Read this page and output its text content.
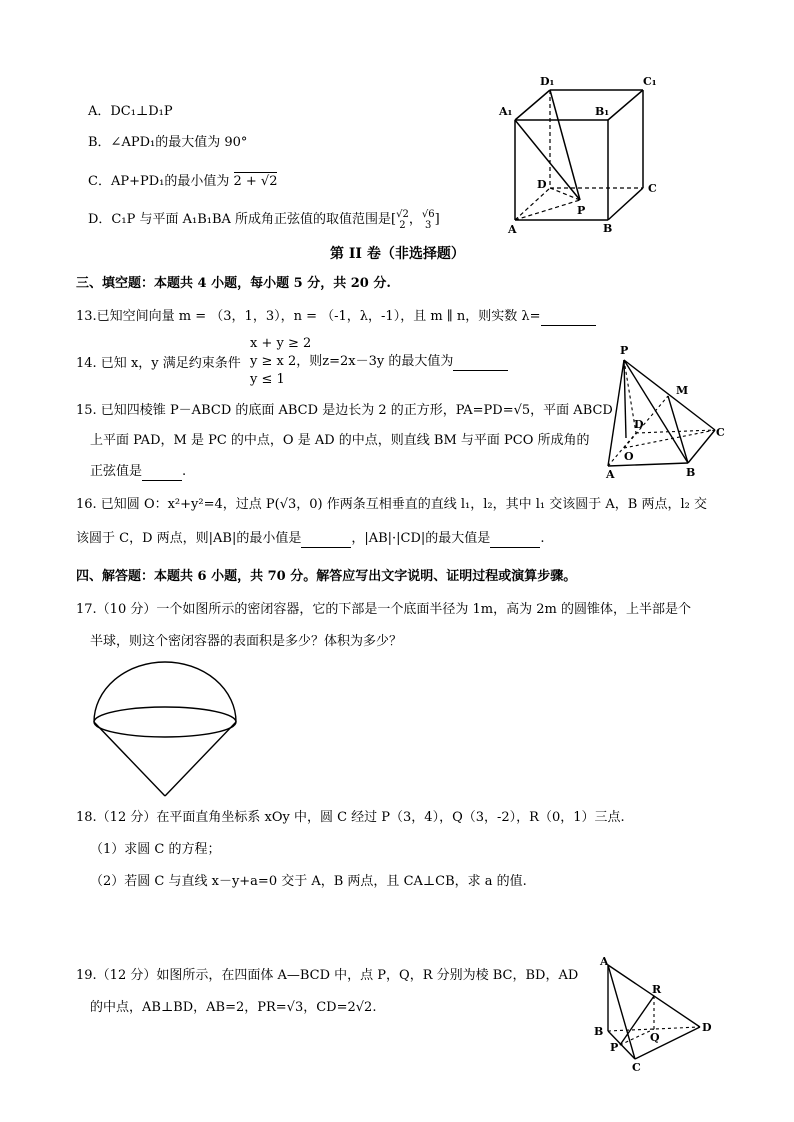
A．DC₁⊥D₁P
B．∠APD₁的最大值为 90°
C．AP+PD₁的最小值为 2 + √2
D．C₁P 与平面 A₁B₁BA 所成角正弦值的取值范围是[√2
2 ，√6
3 ]
D₁	C₁
A₁	B₁
D	C
A	B
P
第 II 卷（非选择题）
三、填空题：本题共 4 小题，每小题 5 分，共 20 分.
13.已知空间向量 m = （3，1，3），n = （-1，λ，-1），且 m ∥ n，则实数 λ=
14. 已知 x，y 满足约束条件
x + y ≥ 2
y ≥ x 2，则z=2x－3y 的最大值为
y ≤ 1
15. 已知四棱锥 P－ABCD 的底面 ABCD 是边长为 2 的正方形，PA=PD=√5，平面 ABCD
上平面 PAD，M 是 PC 的中点，O 是 AD 的中点，则直线 BM 与平面 PCO 所成角的
正弦值是	.
P
M
D
C
O
A	B
16. 已知圆 O：x²+y²=4，过点 P(√3，0) 作两条互相垂直的直线 l₁，l₂，其中 l₁ 交该圆于 A，B 两点，l₂ 交
该圆于 C，D 两点，则|AB|的最小值是	，|AB|·|CD|的最大值是	.
四、解答题：本题共 6 小题，共 70 分。解答应写出文字说明、证明过程或演算步骤。
17.（10 分）一个如图所示的密闭容器，它的下部是一个底面半径为 1m，高为 2m 的圆锥体，上半部是个
半球，则这个密闭容器的表面积是多少？体积为多少？
18.（12 分）在平面直角坐标系 xOy 中，圆 C 经过 P（3，4），Q（3，-2），R（0，1）三点.
（1）求圆 C 的方程；
（2）若圆 C 与直线 x－y+a=0 交于 A，B 两点，且 CA⊥CB，求 a 的值.
19.（12 分）如图所示，在四面体 A—BCD 中，点 P，Q，R 分别为棱 BC，BD，AD
的中点，AB⊥BD，AB=2，PR=√3，CD=2√2.
A
R
B	Q
D
P
C
